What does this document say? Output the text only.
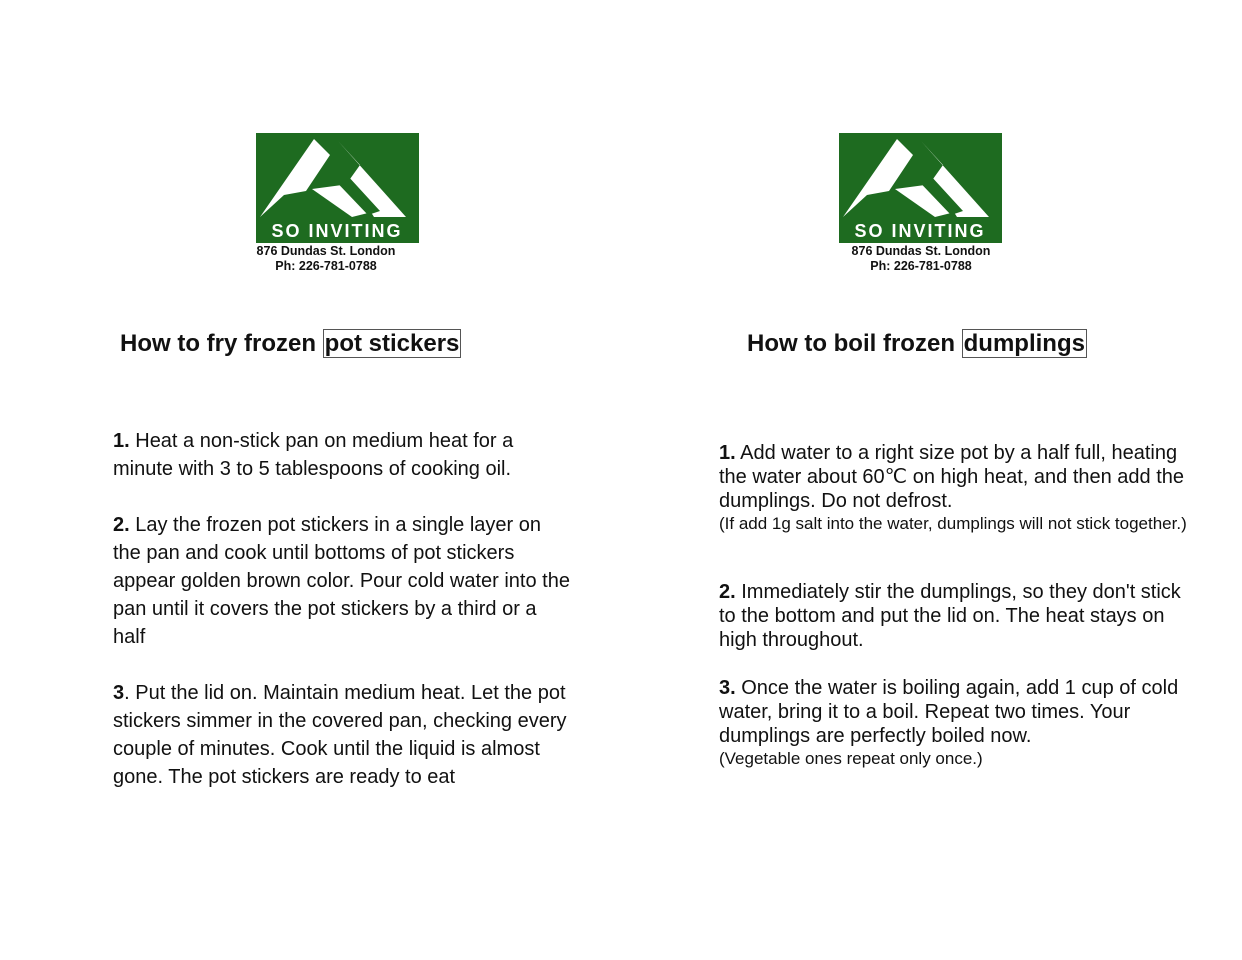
SO INVITING
876 Dundas St. London
Ph: 226-781-0788
How to fry frozen pot stickers

1. Heat a non-stick pan on medium heat for a minute with 3 to 5 tablespoons of cooking oil.

2. Lay the frozen pot stickers in a single layer on the pan and cook until bottoms of pot stickers appear golden brown color. Pour cold water into the pan until it covers the pot stickers by a third or a half

3. Put the lid on. Maintain medium heat. Let the pot stickers simmer in the covered pan, checking every couple of minutes. Cook until the liquid is almost gone. The pot stickers are ready to eat

SO INVITING
876 Dundas St. London
Ph: 226-781-0788
How to boil frozen dumplings

1. Add water to a right size pot by a half full, heating the water about 60℃ on high heat, and then add the dumplings. Do not defrost.
(If add 1g salt into the water, dumplings will not stick together.)

2. Immediately stir the dumplings, so they don't stick to the bottom and put the lid on. The heat stays on high throughout.

3. Once the water is boiling again, add 1 cup of cold water, bring it to a boil. Repeat two times. Your dumplings are perfectly boiled now.
(Vegetable ones repeat only once.)
